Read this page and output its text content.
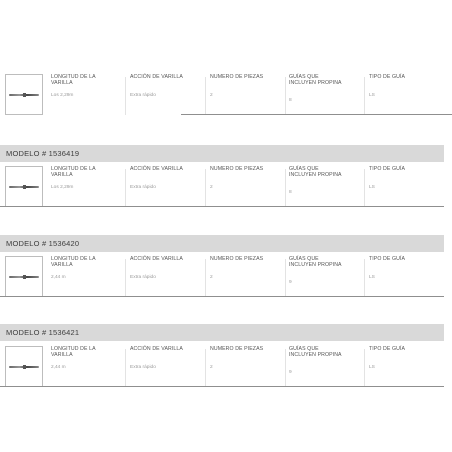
LONGITUD DE LA VARILLA
Los 2,29m
ACCIÓN DE VARILLA
Extra rápido
NUMERO DE PIEZAS
2
GUÍAS QUE INCLUYEN PROPINA
8
TIPO DE GUÍA
LS
MODELO # 1536419
LONGITUD DE LA VARILLA
Los 2,29m
ACCIÓN DE VARILLA
Extra rápido
NUMERO DE PIEZAS
2
GUÍAS QUE INCLUYEN PROPINA
8
TIPO DE GUÍA
LS
MODELO # 1536420
LONGITUD DE LA VARILLA
2,44 m
ACCIÓN DE VARILLA
Extra rápido
NUMERO DE PIEZAS
2
GUÍAS QUE INCLUYEN PROPINA
9
TIPO DE GUÍA
LS
MODELO # 1536421
LONGITUD DE LA VARILLA
2,44 m
ACCIÓN DE VARILLA
Extra rápido
NUMERO DE PIEZAS
2
GUÍAS QUE INCLUYEN PROPINA
9
TIPO DE GUÍA
LS
